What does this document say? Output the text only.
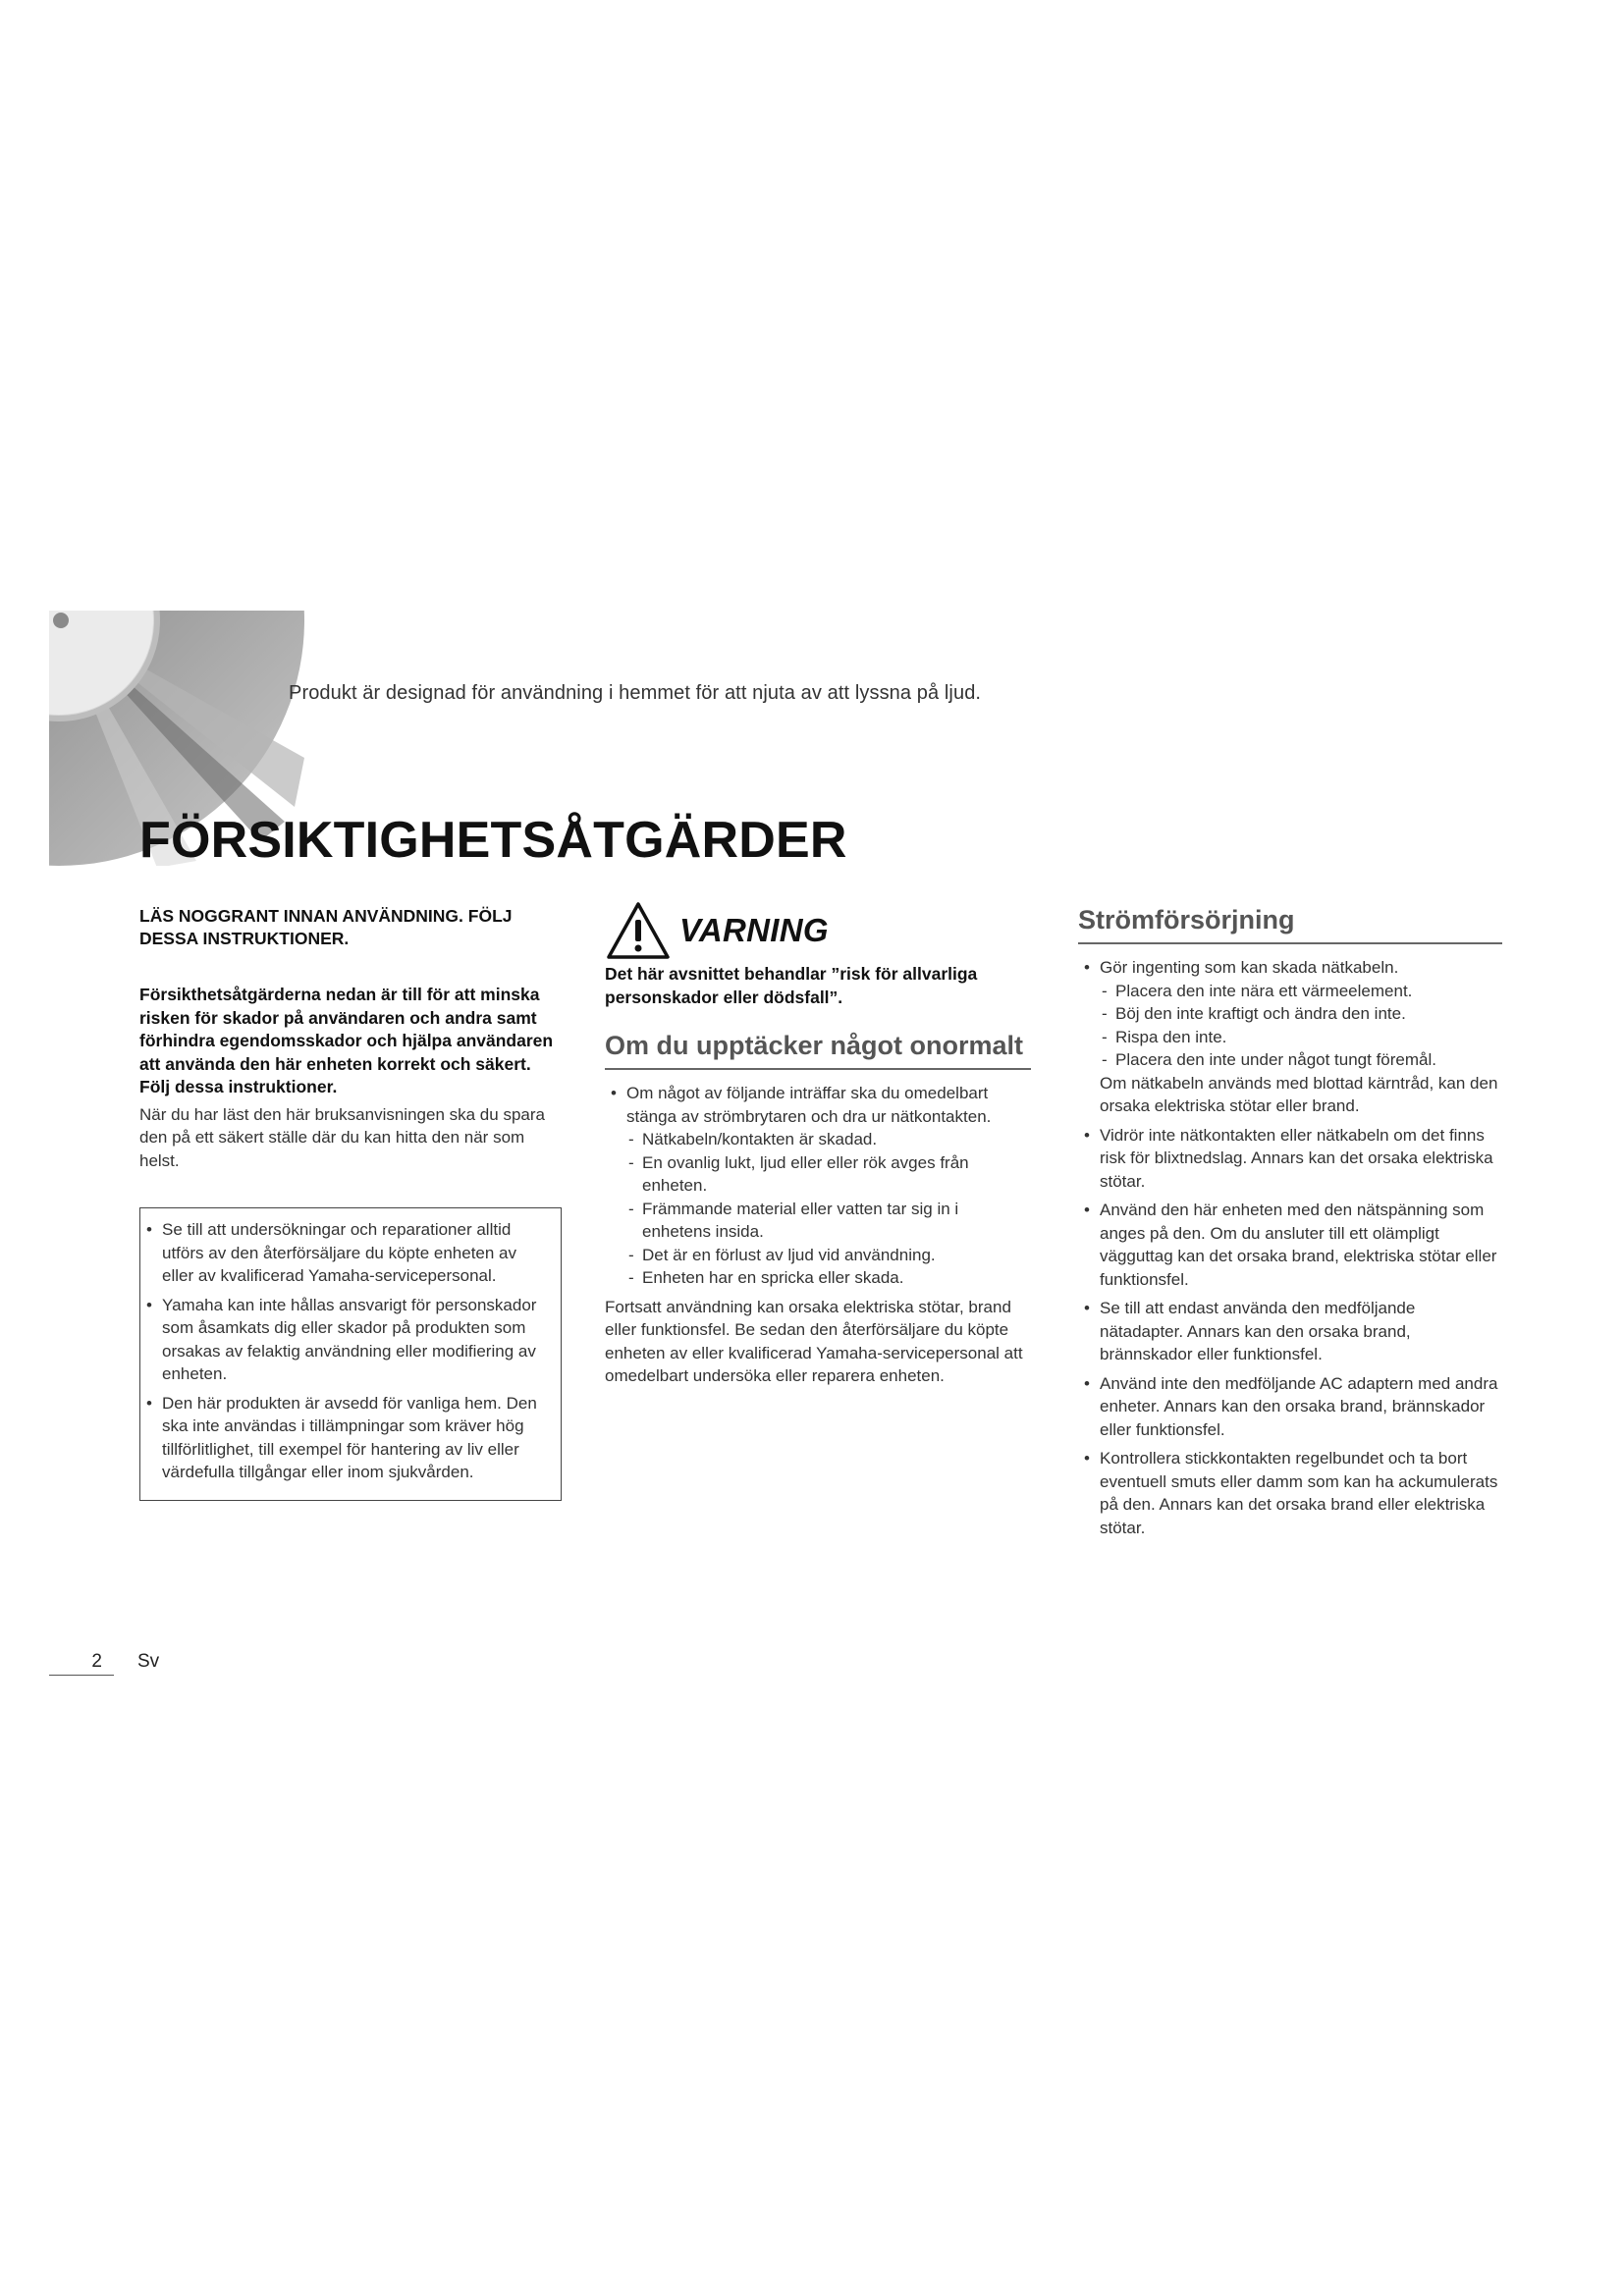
Produkt är designad för användning i hemmet för att njuta av att lyssna på ljud.
FÖRSIKTIGHETSÅTGÄRDER

LÄS NOGGRANT INNAN ANVÄNDNING. FÖLJ DESSA INSTRUKTIONER.

Försikthetsåtgärderna nedan är till för att minska risken för skador på användaren och andra samt förhindra egendomsskador och hjälpa användaren att använda den här enheten korrekt och säkert. Följ dessa instruktioner.

När du har läst den här bruksanvisningen ska du spara den på ett säkert ställe där du kan hitta den när som helst.

• Se till att undersökningar och reparationer alltid utförs av den återförsäljare du köpte enheten av eller av kvalificerad Yamaha-servicepersonal.
• Yamaha kan inte hållas ansvarigt för personskador som åsamkats dig eller skador på produkten som orsakas av felaktig användning eller modifiering av enheten.
• Den här produkten är avsedd för vanliga hem. Den ska inte användas i tillämpningar som kräver hög tillförlitlighet, till exempel för hantering av liv eller värdefulla tillgångar eller inom sjukvården.
VARNING

Det här avsnittet behandlar ”risk för allvarliga personskador eller dödsfall”.

Om du upptäcker något onormalt
• Om något av följande inträffar ska du omedelbart stänga av strömbrytaren och dra ur nätkontakten.
- Nätkabeln/kontakten är skadad.
- En ovanlig lukt, ljud eller eller rök avges från enheten.
- Främmande material eller vatten tar sig in i enhetens insida.
- Det är en förlust av ljud vid användning.
- Enheten har en spricka eller skada.

Fortsatt användning kan orsaka elektriska stötar, brand eller funktionsfel. Be sedan den återförsäljare du köpte enheten av eller kvalificerad Yamaha-servicepersonal att omedelbart undersöka eller reparera enheten.

Strömförsörjning
• Gör ingenting som kan skada nätkabeln.
- Placera den inte nära ett värmeelement.
- Böj den inte kraftigt och ändra den inte.
- Rispa den inte.
- Placera den inte under något tungt föremål.

Om nätkabeln används med blottad kärntråd, kan den orsaka elektriska stötar eller brand.

• Vidrör inte nätkontakten eller nätkabeln om det finns risk för blixtnedslag. Annars kan det orsaka elektriska stötar.
• Använd den här enheten med den nätspänning som anges på den. Om du ansluter till ett olämpligt vägguttag kan det orsaka brand, elektriska stötar eller funktionsfel.
• Se till att endast använda den medföljande nätadapter. Annars kan den orsaka brand, brännskador eller funktionsfel.
• Använd inte den medföljande AC adaptern med andra enheter. Annars kan den orsaka brand, brännskador eller funktionsfel.
• Kontrollera stickkontakten regelbundet och ta bort eventuell smuts eller damm som kan ha ackumulerats på den. Annars kan det orsaka brand eller elektriska stötar.
2	Sv
